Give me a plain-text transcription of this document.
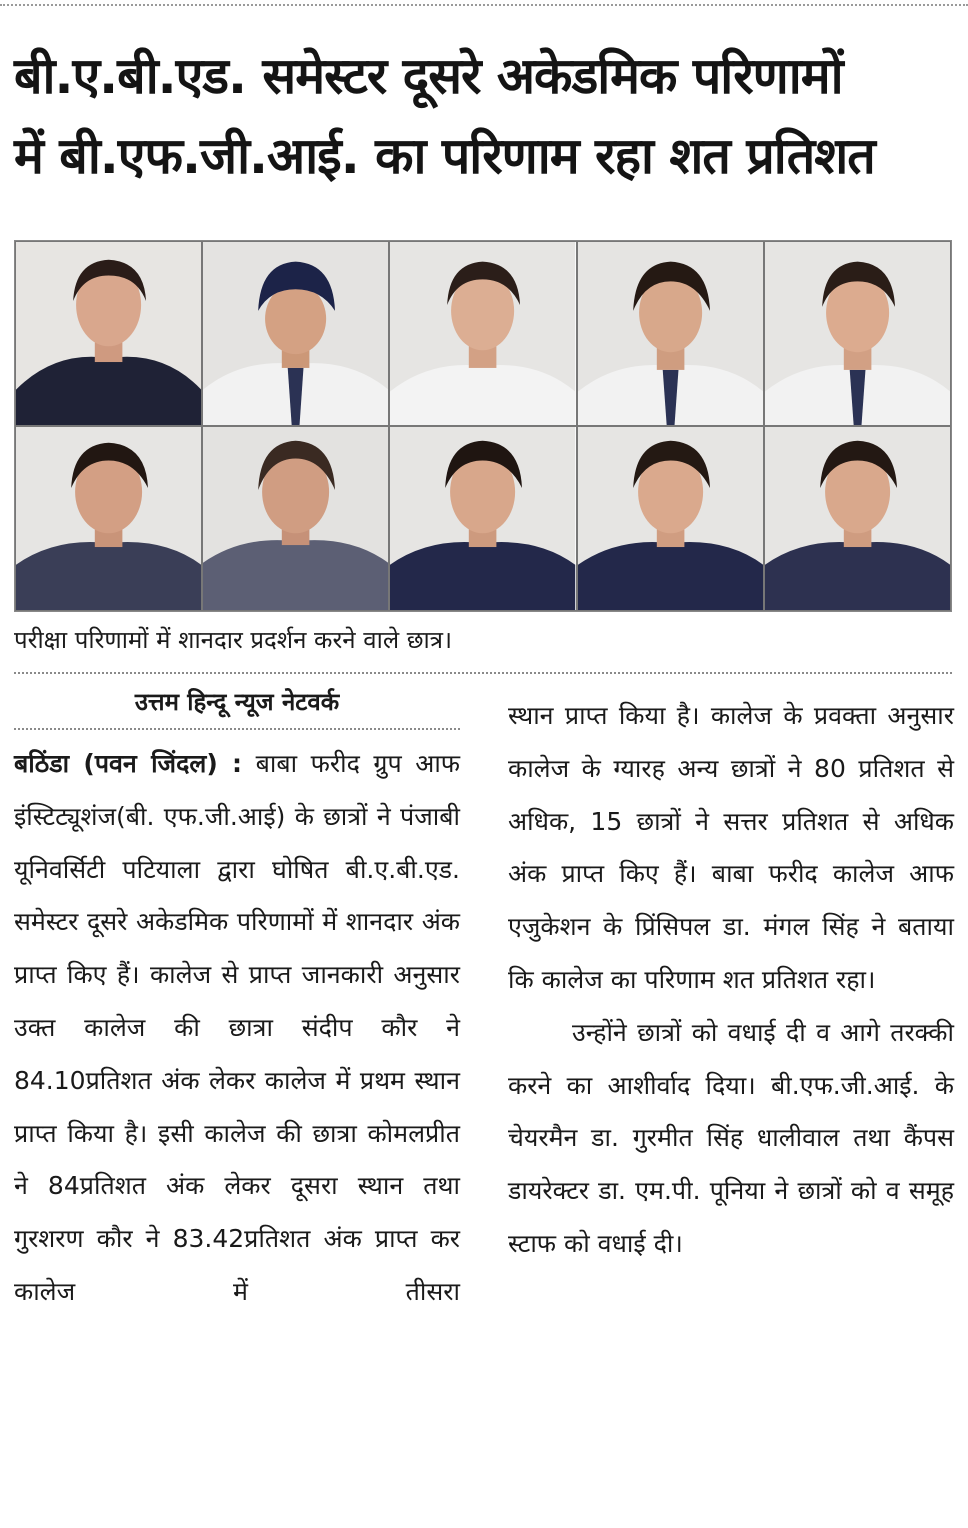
बी.ए.बी.एड. समेस्टर दूसरे अकेडमिक परिणामों
में बी.एफ.जी.आई. का परिणाम रहा शत प्रतिशत
परीक्षा परिणामों में शानदार प्रदर्शन करने वाले छात्र।
उत्तम हिन्दू न्यूज नेटवर्क
बठिंडा (पवन जिंदल) : बाबा फरीद ग्रुप आफ इंस्टिट्यूशंज(बी. एफ.जी.आई) के छात्रों ने पंजाबी यूनिवर्सिटी पटियाला द्वारा घोषित बी.ए.बी.एड. समेस्टर दूसरे अकेडमिक परिणामों में शानदार अंक प्राप्त किए हैं। कालेज से प्राप्त जानकारी अनुसार उक्त कालेज की छात्रा संदीप कौर ने 84.10प्रतिशत अंक लेकर कालेज में प्रथम स्थान प्राप्त किया है। इसी कालेज की छात्रा कोमलप्रीत ने 84प्रतिशत अंक लेकर दूसरा स्थान तथा गुरशरण कौर ने 83.42प्रतिशत अंक प्राप्त कर कालेज में तीसरा
स्थान प्राप्त किया है। कालेज के प्रवक्ता अनुसार कालेज के ग्यारह अन्य छात्रों ने 80 प्रतिशत से अधिक, 15 छात्रों ने सत्तर प्रतिशत से अधिक अंक प्राप्त किए हैं। बाबा फरीद कालेज आफ एजुकेशन के प्रिंसिपल डा. मंगल सिंह ने बताया कि कालेज का परिणाम शत प्रतिशत रहा।
उन्होंने छात्रों को वधाई दी व आगे तरक्की करने का आशीर्वाद दिया। बी.एफ.जी.आई. के चेयरमैन डा. गुरमीत सिंह धालीवाल तथा कैंपस डायरेक्टर डा. एम.पी. पूनिया ने छात्रों को व समूह स्टाफ को वधाई दी।
